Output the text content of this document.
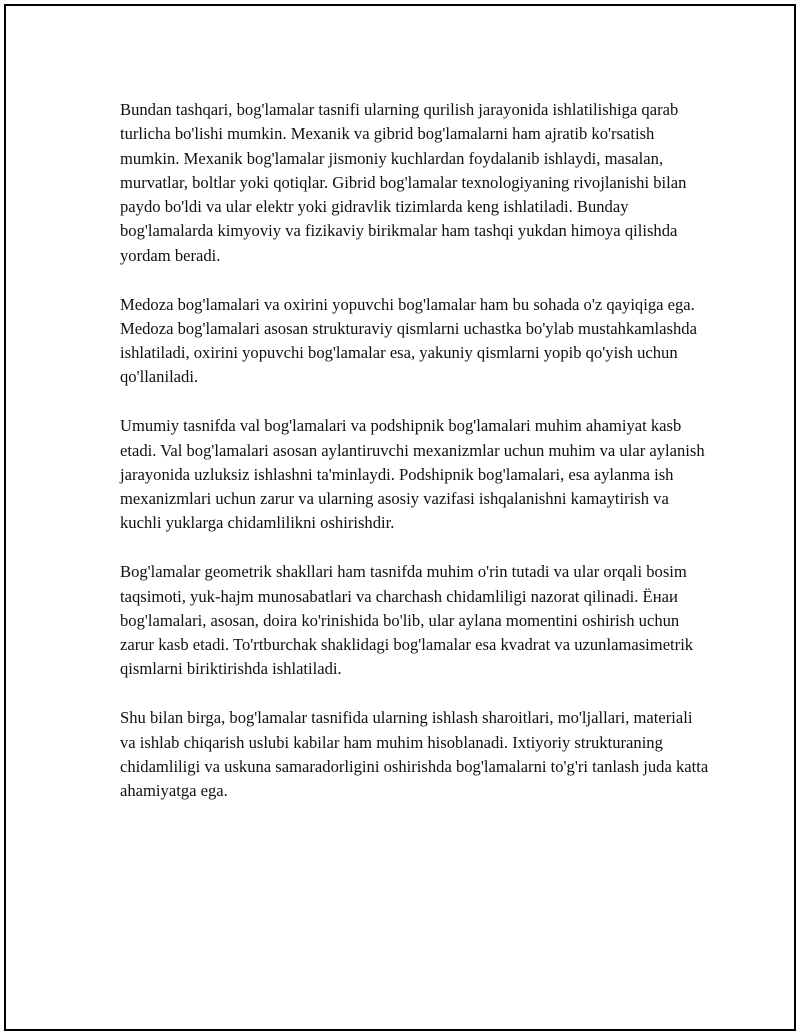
Bundan tashqari, bog'lamalar tasnifi ularning qurilish jarayonida ishlatilishiga qarab turlicha bo'lishi mumkin. Mexanik va gibrid bog'lamalarni ham ajratib ko'rsatish mumkin. Mexanik bog'lamalar jismoniy kuchlardan foydalanib ishlaydi, masalan, murvatlar, boltlar yoki qotiqlar. Gibrid bog'lamalar texnologiyaning rivojlanishi bilan paydo bo'ldi va ular elektr yoki gidravlik tizimlarda keng ishlatiladi. Bunday bog'lamalarda kimyoviy va fizikaviy birikmalar ham tashqi yukdan himoya qilishda yordam beradi.

Medoza bog'lamalari va oxirini yopuvchi bog'lamalar ham bu sohada o'z qayiqiga ega. Medoza bog'lamalari asosan strukturaviy qismlarni uchastka bo'ylab mustahkamlashda ishlatiladi, oxirini yopuvchi bog'lamalar esa, yakuniy qismlarni yopib qo'yish uchun qo'llaniladi.

Umumiy tasnifda val bog'lamalari va podshipnik bog'lamalari muhim ahamiyat kasb etadi. Val bog'lamalari asosan aylantiruvchi mexanizmlar uchun muhim va ular aylanish jarayonida uzluksiz ishlashni ta'minlaydi. Podshipnik bog'lamalari, esa aylanma ish mexanizmlari uchun zarur va ularning asosiy vazifasi ishqalanishni kamaytirish va kuchli yuklarga chidamlilikni oshirishdir.

Bog'lamalar geometrik shakllari ham tasnifda muhim o'rin tutadi va ular orqali bosim taqsimoti, yuk-hajm munosabatlari va charchash chidamliligi nazorat qilinadi. Ёнаи bog'lamalari, asosan, doira ko'rinishida bo'lib, ular aylana momentini oshirish uchun zarur kasb etadi. To'rtburchak shaklidagi bog'lamalar esa kvadrat va uzunlamasimetrik qismlarni biriktirishda ishlatiladi.

Shu bilan birga, bog'lamalar tasnifida ularning ishlash sharoitlari, mo'ljallari, materiali va ishlab chiqarish uslubi kabilar ham muhim hisoblanadi. Ixtiyoriy strukturaning chidamliligi va uskuna samaradorligini oshirishda bog'lamalarni to'g'ri tanlash juda katta ahamiyatga ega.
